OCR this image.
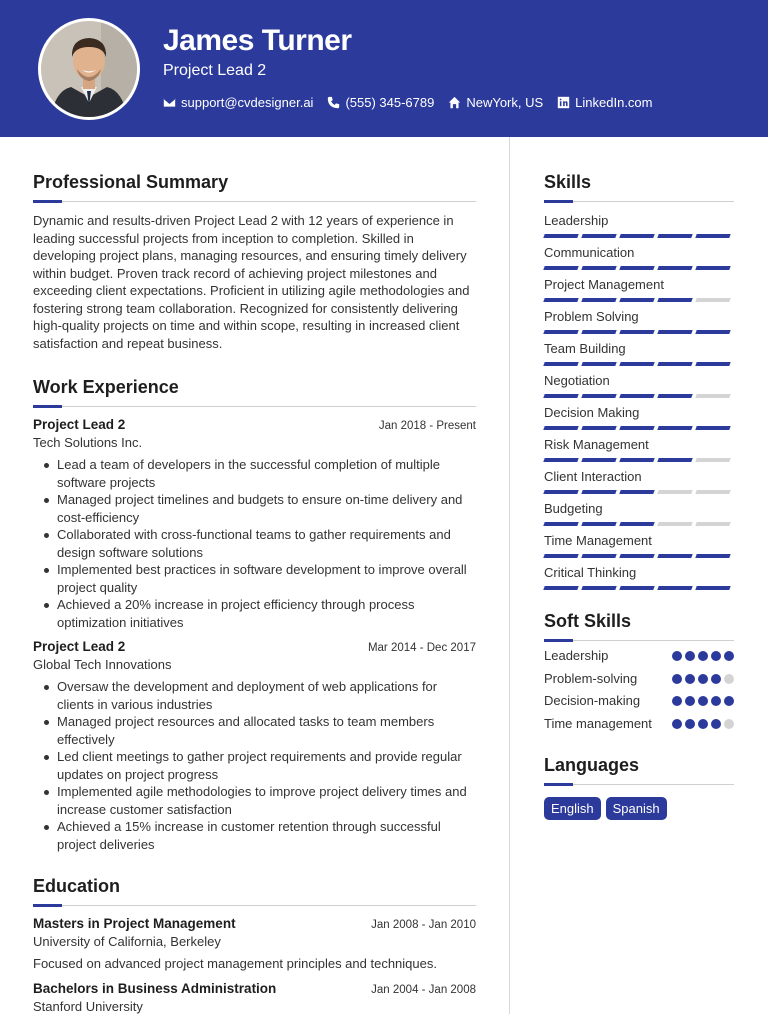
James Turner
Project Lead 2
support@cvdesigner.ai (555) 345-6789 NewYork, US LinkedIn.com
Professional Summary

Dynamic and results-driven Project Lead 2 with 12 years of experience in leading successful projects from inception to completion. Skilled in developing project plans, managing resources, and ensuring timely delivery within budget. Proven track record of achieving project milestones and exceeding client expectations. Proficient in utilizing agile methodologies and fostering strong team collaboration. Recognized for consistently delivering high-quality projects on time and within scope, resulting in increased client satisfaction and repeat business.

Work Experience
Project Lead 2	Jan 2018 - Present
Tech Solutions Inc.
Lead a team of developers in the successful completion of multiple software projects
Managed project timelines and budgets to ensure on-time delivery and cost-efficiency
Collaborated with cross-functional teams to gather requirements and design software solutions
Implemented best practices in software development to improve overall project quality
Achieved a 20% increase in project efficiency through process optimization initiatives
Project Lead 2	Mar 2014 - Dec 2017
Global Tech Innovations
Oversaw the development and deployment of web applications for clients in various industries
Managed project resources and allocated tasks to team members effectively
Led client meetings to gather project requirements and provide regular updates on project progress
Implemented agile methodologies to improve project delivery times and increase customer satisfaction
Achieved a 15% increase in customer retention through successful project deliveries
Education
Masters in Project Management	Jan 2008 - Jan 2010
University of California, Berkeley

Focused on advanced project management principles and techniques.

Bachelors in Business Administration	Jan 2004 - Jan 2008
Stanford University
Skills
Leadership
Communication
Project Management
Problem Solving
Team Building
Negotiation
Decision Making
Risk Management
Client Interaction
Budgeting
Time Management
Critical Thinking
Soft Skills
Leadership
Problem-solving
Decision-making
Time management
Languages
English	Spanish
